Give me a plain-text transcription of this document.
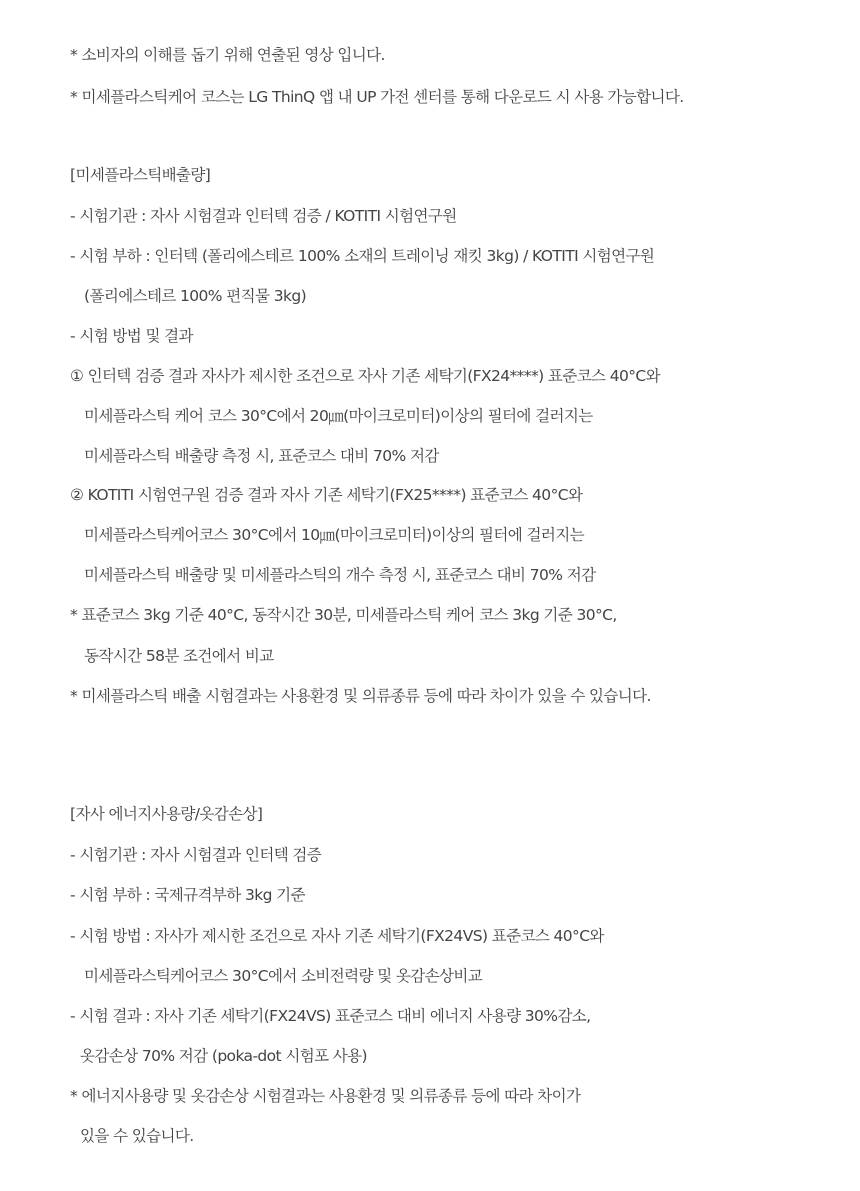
* 소비자의 이해를 돕기 위해 연출된 영상 입니다.
* 미세플라스틱케어 코스는 LG ThinQ 앱 내 UP 가전 센터를 통해 다운로드 시 사용 가능합니다.
[미세플라스틱배출량]
- 시험기관 : 자사 시험결과 인터텍 검증 / KOTITI 시험연구원
- 시험 부하 : 인터텍 (폴리에스테르 100% 소재의 트레이닝 재킷 3kg) / KOTITI 시험연구원
(폴리에스테르 100% 편직물 3kg)
- 시험 방법 및 결과
① 인터텍 검증 결과 자사가 제시한 조건으로 자사 기존 세탁기(FX24****) 표준코스 40°C와
미세플라스틱 케어 코스 30°C에서 20㎛(마이크로미터)이상의 필터에 걸러지는
미세플라스틱 배출량 측정 시, 표준코스 대비 70% 저감
② KOTITI 시험연구원 검증 결과 자사 기존 세탁기(FX25****) 표준코스 40°C와
미세플라스틱케어코스 30°C에서 10㎛(마이크로미터)이상의 필터에 걸러지는
미세플라스틱 배출량 및 미세플라스틱의 개수 측정 시, 표준코스 대비 70% 저감
* 표준코스 3kg 기준 40°C, 동작시간 30분, 미세플라스틱 케어 코스 3kg 기준 30°C,
동작시간 58분 조건에서 비교
* 미세플라스틱 배출 시험결과는 사용환경 및 의류종류 등에 따라 차이가 있을 수 있습니다.
[자사 에너지사용량/옷감손상]
- 시험기관 : 자사 시험결과 인터텍 검증
- 시험 부하 : 국제규격부하 3kg 기준
- 시험 방법 : 자사가 제시한 조건으로 자사 기존 세탁기(FX24VS) 표준코스 40°C와
미세플라스틱케어코스 30°C에서 소비전력량 및 옷감손상비교
- 시험 결과 : 자사 기존 세탁기(FX24VS) 표준코스 대비 에너지 사용량 30%감소,
옷감손상 70% 저감 (poka-dot 시험포 사용)
* 에너지사용량 및 옷감손상 시험결과는 사용환경 및 의류종류 등에 따라 차이가
있을 수 있습니다.
